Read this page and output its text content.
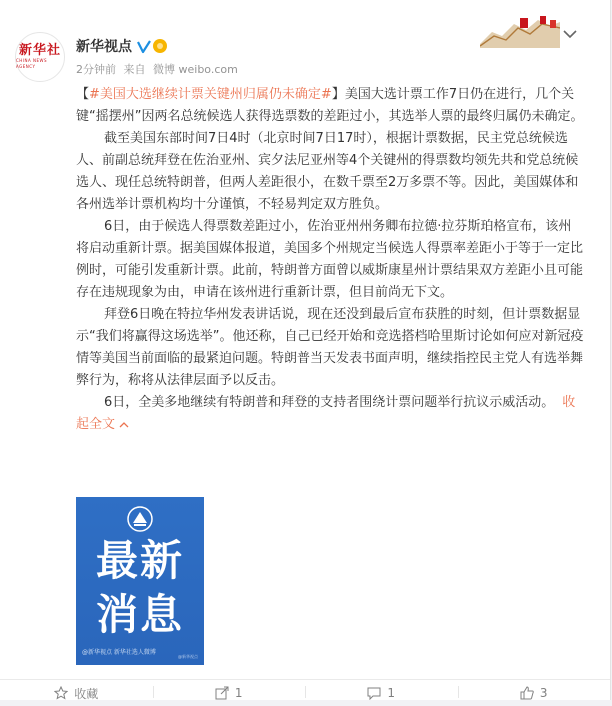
新华社
CHINA NEWS AGENCY
新华视点
2分钟前 来自 微博 weibo.com

【#美国大选继续计票关键州归属仍未确定#】美国大选计票工作7日仍在进行，几个关键“摇摆州”因两名总统候选人获得选票数的差距过小，其选举人票的最终归属仍未确定。

截至美国东部时间7日4时（北京时间7日17时），根据计票数据，民主党总统候选人、前副总统拜登在佐治亚州、宾夕法尼亚州等4个关键州的得票数均领先共和党总统候选人、现任总统特朗普，但两人差距很小，在数千票至2万多票不等。因此，美国媒体和各州选举计票机构均十分谨慎，不轻易判定双方胜负。

6日，由于候选人得票数差距过小，佐治亚州州务卿布拉德·拉芬斯珀格宣布，该州将启动重新计票。据美国媒体报道，美国多个州规定当候选人得票率差距小于等于一定比例时，可能引发重新计票。此前，特朗普方面曾以威斯康星州计票结果双方差距小且可能存在违规现象为由，申请在该州进行重新计票，但目前尚无下文。

拜登6日晚在特拉华州发表讲话说，现在还没到最后宣布获胜的时刻，但计票数据显示“我们将赢得这场选举”。他还称，自己已经开始和竞选搭档哈里斯讨论如何应对新冠疫情等美国当前面临的最紧迫问题。特朗普当天发表书面声明，继续指控民主党人有选举舞弊行为，称将从法律层面予以反击。

6日，全美多地继续有特朗普和拜登的支持者围绕计票问题举行抗议示威活动。 收起全文

最新
消息
@新华视点 新华社选人微博
@新华视点
收藏	1	1	3
